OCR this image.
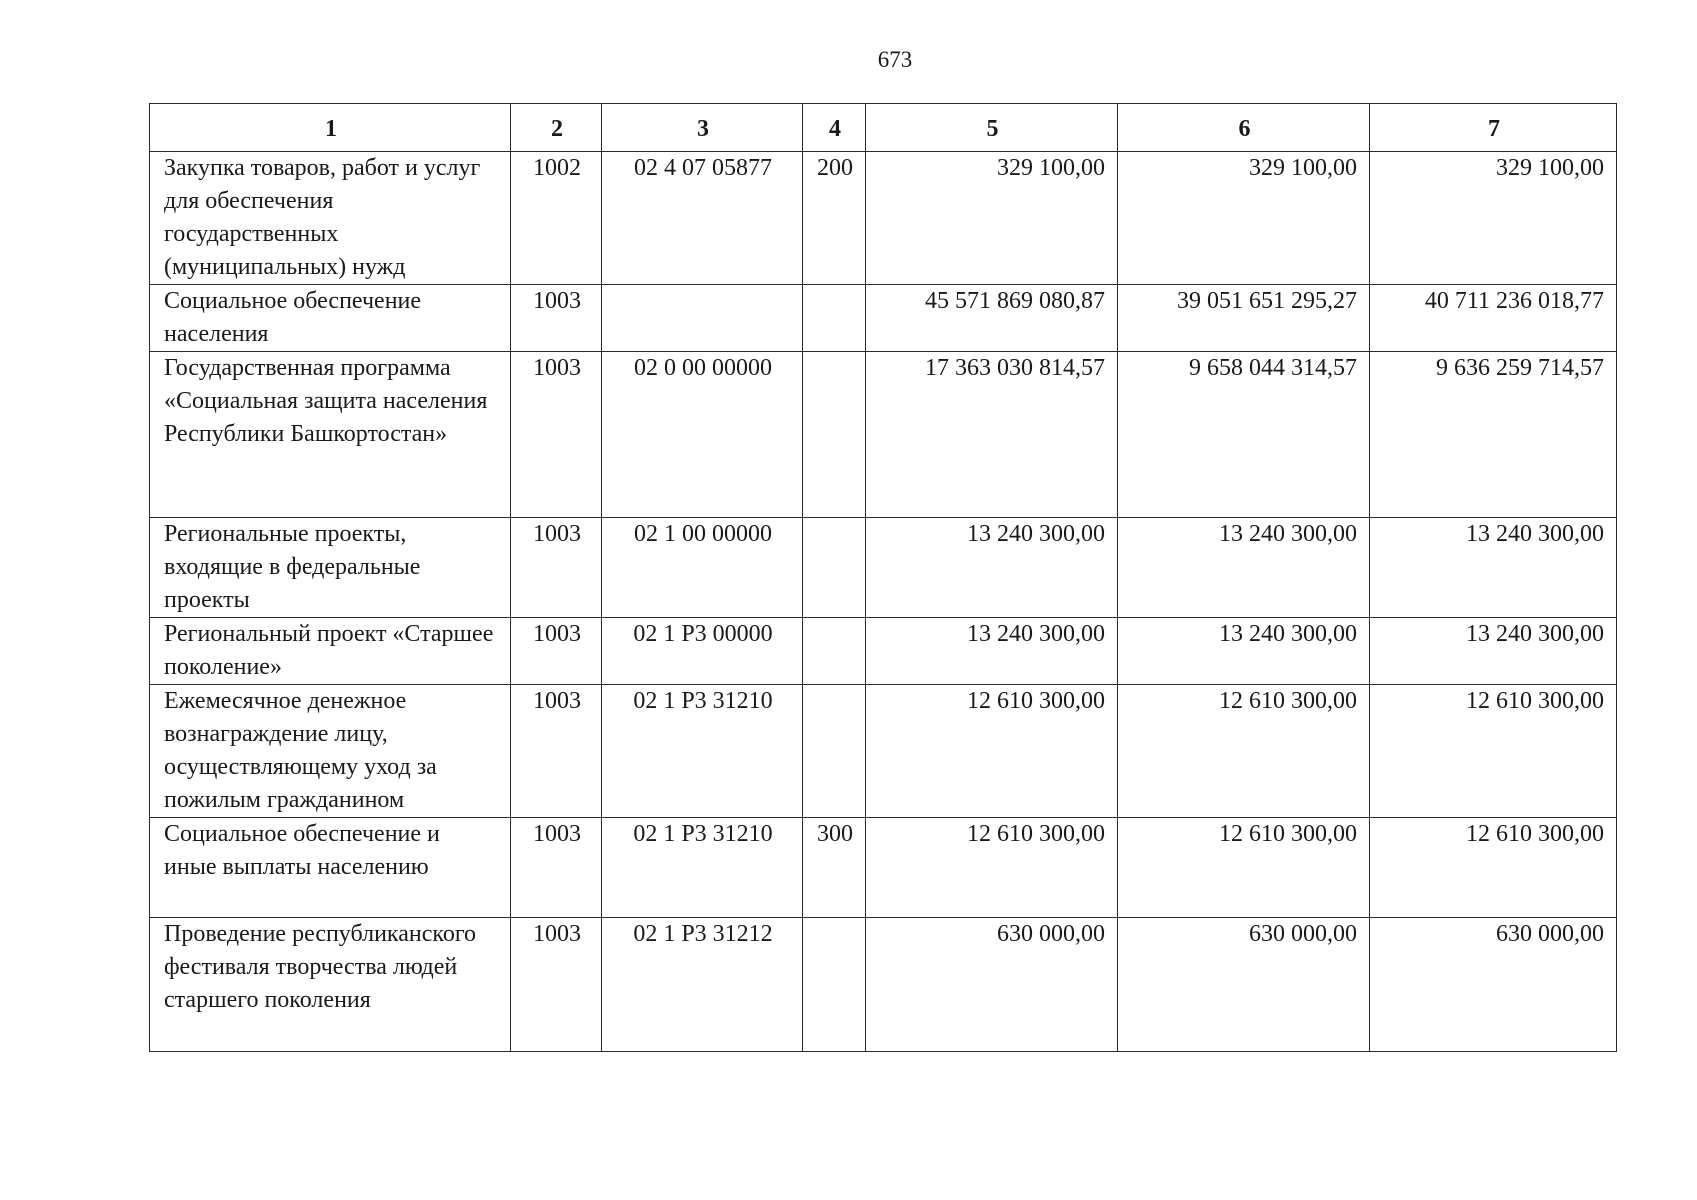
673
1	2	3	4	5	6	7
Закупка товаров, работ и услуг для обеспечения государственных (муниципальных) нужд	1002	02 4 07 05877	200	329 100,00	329 100,00	329 100,00
Социальное обеспечение населения	1003			45 571 869 080,87	39 051 651 295,27	40 711 236 018,77
Государственная программа «Социальная защита населения Республики Башкортостан»	1003	02 0 00 00000		17 363 030 814,57	9 658 044 314,57	9 636 259 714,57
Региональные проекты, входящие в федеральные проекты	1003	02 1 00 00000		13 240 300,00	13 240 300,00	13 240 300,00
Региональный проект «Старшее поколение»	1003	02 1 Р3 00000		13 240 300,00	13 240 300,00	13 240 300,00
Ежемесячное денежное вознаграждение лицу, осуществляющему уход за пожилым гражданином	1003	02 1 Р3 31210		12 610 300,00	12 610 300,00	12 610 300,00
Социальное обеспечение и иные выплаты населению	1003	02 1 Р3 31210	300	12 610 300,00	12 610 300,00	12 610 300,00
Проведение республиканского фестиваля творчества людей старшего поколения	1003	02 1 Р3 31212		630 000,00	630 000,00	630 000,00
